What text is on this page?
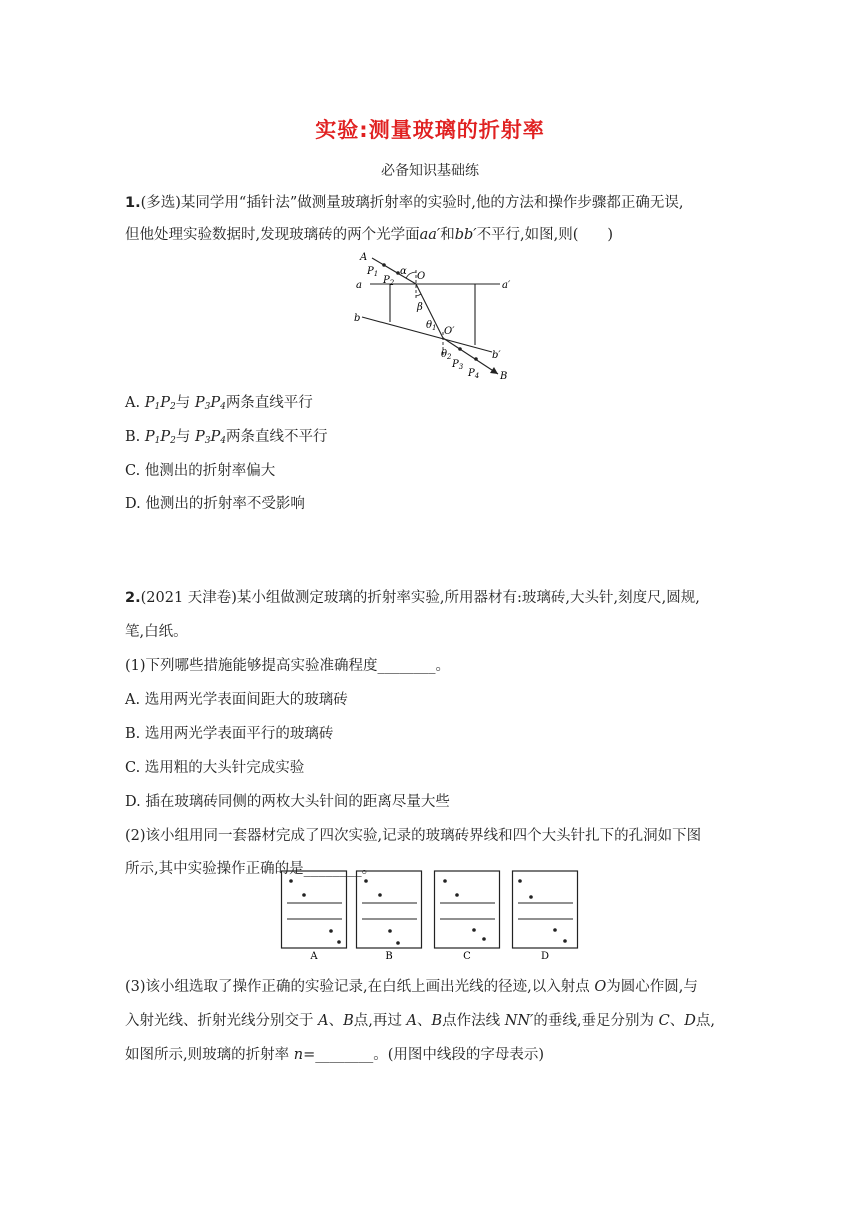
实验:测量玻璃的折射率
必备知识基础练
1.(多选)某同学用“插针法”做测量玻璃折射率的实验时,他的方法和操作步骤都正确无误,
但他处理实验数据时,发现玻璃砖的两个光学面aa′和bb′不平行,如图,则(　　)
A
$P_1$
$P_2$
α O
a	a′
β
b
$\theta_1$ O′
$\theta_2$
$P_3$
b′
$P_4$ B
A. $P_1P_2$与 $P_3P_4$两条直线平行
B. $P_1P_2$与 $P_3P_4$两条直线不平行
C. 他测出的折射率偏大
D. 他测出的折射率不受影响
2.(2021 天津卷)某小组做测定玻璃的折射率实验,所用器材有:玻璃砖,大头针,刻度尺,圆规,
笔,白纸。
(1)下列哪些措施能够提高实验准确程度________。
A. 选用两光学表面间距大的玻璃砖
B. 选用两光学表面平行的玻璃砖
C. 选用粗的大头针完成实验
D. 插在玻璃砖同侧的两枚大头针间的距离尽量大些
(2)该小组用同一套器材完成了四次实验,记录的玻璃砖界线和四个大头针扎下的孔洞如下图
所示,其中实验操作正确的是________。
A	B	C	D
(3)该小组选取了操作正确的实验记录,在白纸上画出光线的径迹,以入射点 O为圆心作圆,与
入射光线、折射光线分别交于 A、B点,再过 A、B点作法线 NN′的垂线,垂足分别为 C、D点,
如图所示,则玻璃的折射率 n=________。(用图中线段的字母表示)
